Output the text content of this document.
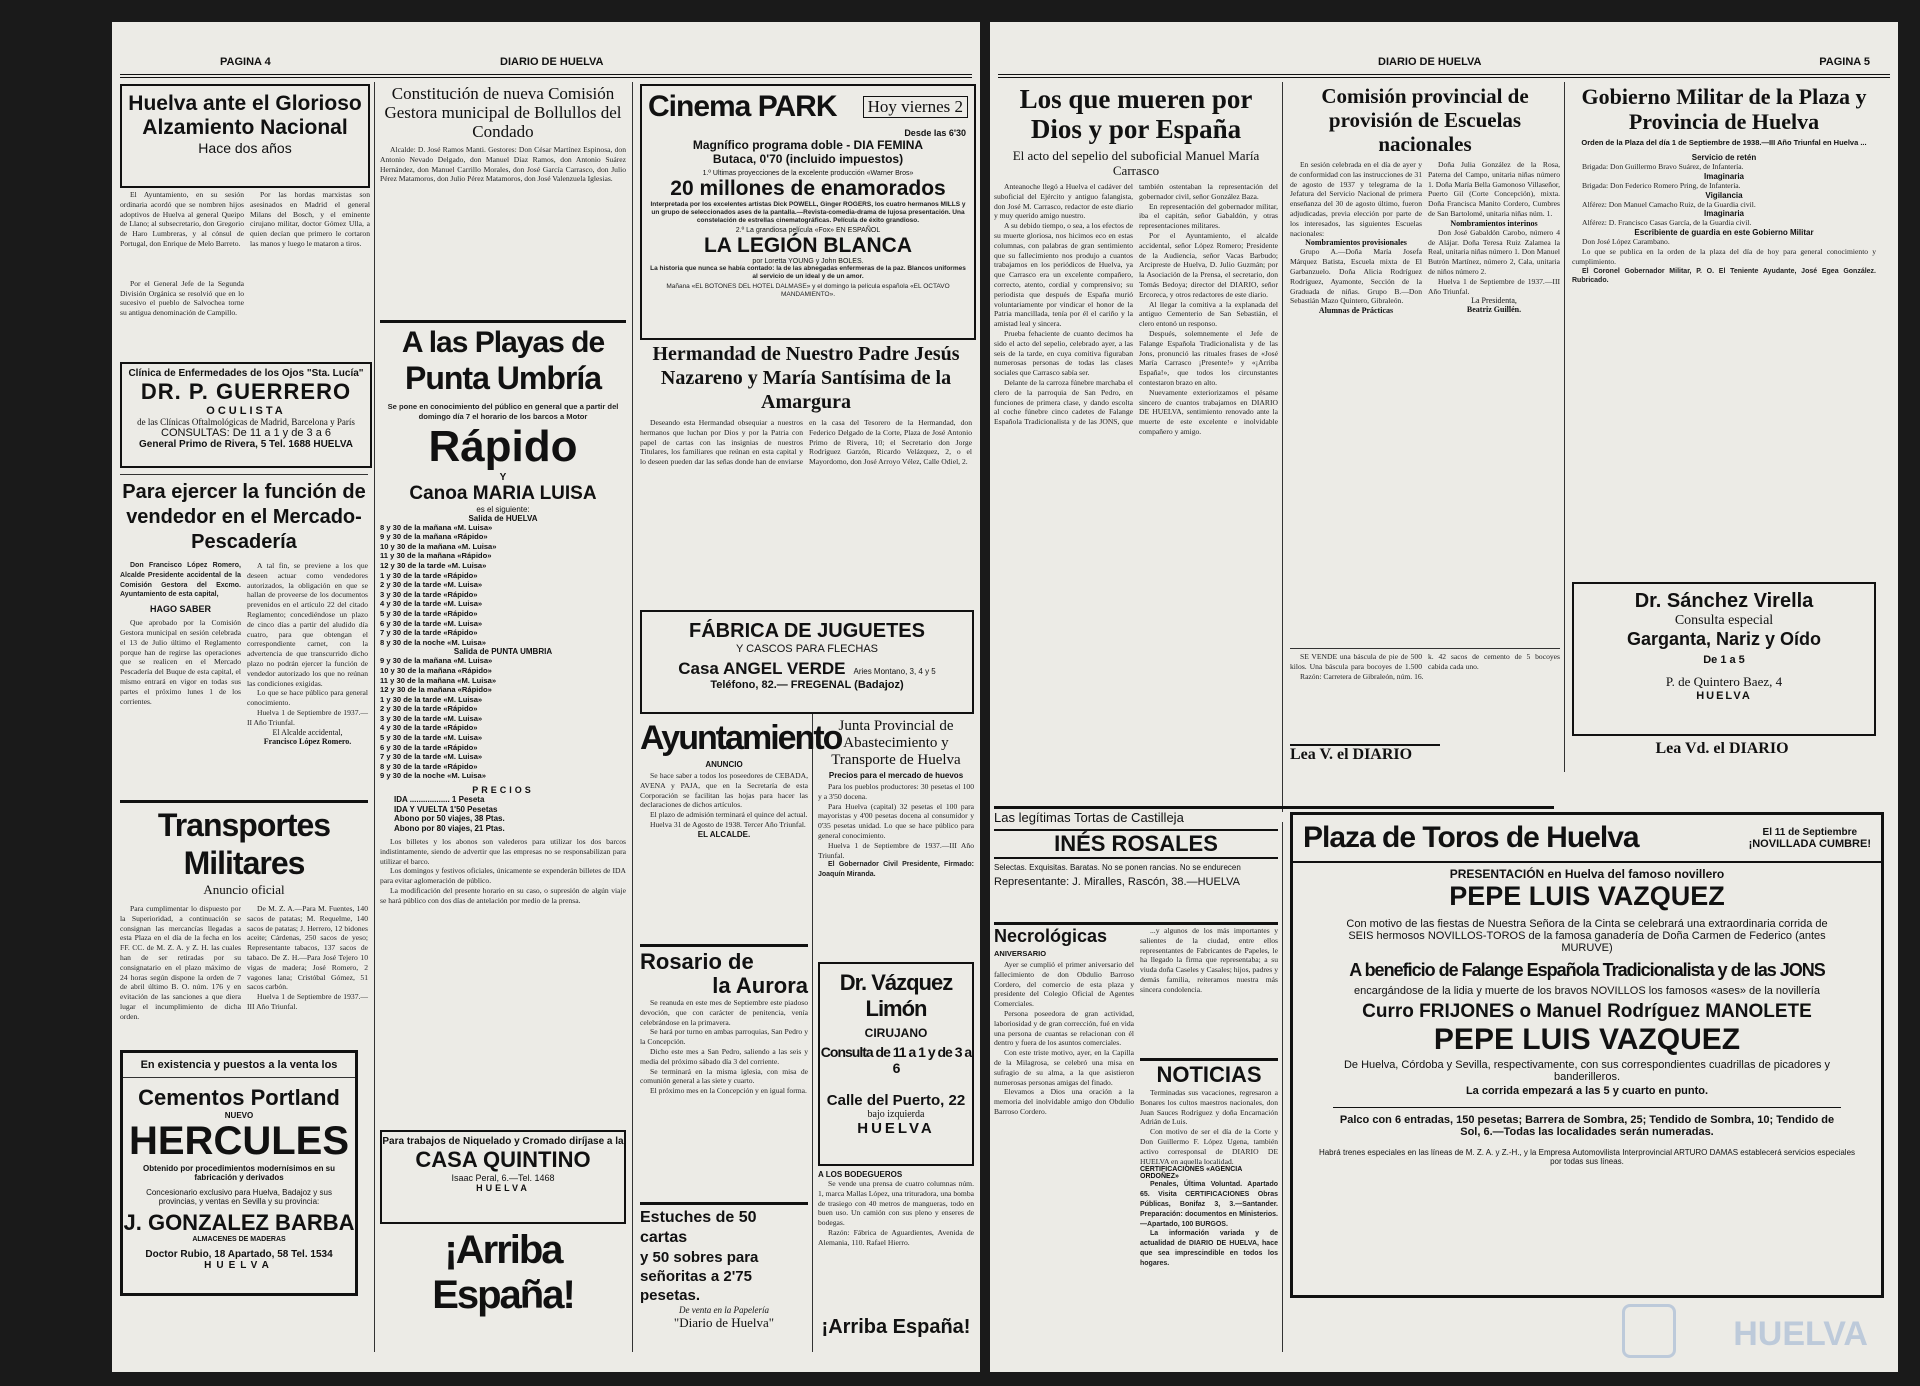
PAGINA 4	DIARIO DE HUELVA
Huelva ante el Glorioso Alzamiento Nacional
Hace dos años

El Ayuntamiento, en su sesión ordinaria acordó que se nombren hijos adoptivos de Huelva al general Queipo de Llano; al subsecretario, don Gregorio de Haro Lumbreras, y al cónsul de Portugal, don Enrique de Melo Barreto.

Por el General Jefe de la Segunda División Orgánica se resolvió que en lo sucesivo el pueblo de Salvochea torne su antigua denominación de Campillo.

Por las hordas marxistas son asesinados en Madrid el general Milans del Bosch, y el eminente cirujano militar, doctor Gómez Ulla, a quien decían que primero le cortaron las manos y luego le mataron a tiros.

Clínica de Enfermedades de los Ojos "Sta. Lucía"
DR. P. GUERRERO
OCULISTA
de las Clínicas Oftalmológicas de Madrid, Barcelona y París
CONSULTAS: De 11 a 1 y de 3 a 6
General Primo de Rivera, 5 Tel. 1688 HUELVA
Para ejercer la función de vendedor en el Mercado-Pescadería

Don Francisco López Romero, Alcalde Presidente accidental de la Comisión Gestora del Excmo. Ayuntamiento de esta capital,

HAGO SABER

Que aprobado por la Comisión Gestora municipal en sesión celebrada el 13 de Julio último el Reglamento porque han de regirse las operaciones que se realicen en el Mercado Pescadería del Buque de esta capital, el mismo entrará en vigor en todas sus partes el próximo lunes 1 de los corrientes.

A tal fin, se previene a los que deseen actuar como vendedores autorizados, la obligación en que se hallan de proveerse de los documentos prevenidos en el artículo 22 del citado Reglamento; concediéndose un plazo de cinco días a partir del aludido día cuatro, para que obtengan el correspondiente carnet, con la advertencia de que transcurrido dicho plazo no podrán ejercer la función de vendedor autorizado los que no reúnan las condiciones exigidas.

Lo que se hace público para general conocimiento.

Huelva 1 de Septiembre de 1937.—II Año Triunfal.

El Alcalde accidental,
Francisco López Romero.
Transportes Militares
Anuncio oficial

Para cumplimentar lo dispuesto por la Superioridad, a continuación se consignan las mercancías llegadas a esta Plaza en el día de la fecha en los FF. CC. de M. Z. A. y Z. H. las cuales han de ser retiradas por su consignatario en el plazo máximo de 24 horas según dispone la orden de 7 de abril último B. O. núm. 176 y en evitación de las sanciones a que diera lugar el incumplimiento de dicha orden.

De M. Z. A.—Para M. Fuentes, 140 sacos de patatas; M. Requelme, 140 sacos de patatas; J. Herrero, 12 bidones aceite; Cárdenas, 250 sacos de yeso; Representante tabacos, 137 sacos de tabaco. De Z. H.—Para José Tejero 10 vigas de madera; José Romero, 2 vagones lana; Cristóbal Gómez, 51 sacos carbón.

Huelva 1 de Septiembre de 1937.—III Año Triunfal.

En existencia y puestos a la venta los
Cementos Portland
NUEVO
HERCULES
Obtenido por procedimientos modernísimos en su fabricación y derivados
Concesionario exclusivo para Huelva, Badajoz y sus provincias, y ventas en Sevilla y su provincia:
J. GONZALEZ BARBA
ALMACENES DE MADERAS
Doctor Rubio, 18 Apartado, 58 Tel. 1534
HUELVA
Constitución de nueva Comisión Gestora municipal de Bollullos del Condado

Alcalde: D. José Ramos Manti. Gestores: Don César Martínez Espinosa, don Antonio Nevado Delgado, don Manuel Díaz Ramos, don Antonio Suárez Hernández, don Manuel Carrillo Morales, don José García Carrasco, don Julio Pérez Matamoros, don Julio Pérez Matamoros, don José Valenzuela Iglesias.

A las Playas de
Punta Umbría

Se pone en conocimiento del público en general que a partir del domingo día 7 el horario de los barcos a Motor

Rápido
Y
Canoa MARIA LUISA
es el siguiente:
Salida de HUELVA
8 y 30 de la mañana «M. Luisa»
9 y 30 de la mañana «Rápido»
10 y 30 de la mañana «M. Luisa»
11 y 30 de la mañana «Rápido»
12 y 30 de la tarde «M. Luisa»
1 y 30 de la tarde «Rápido»
2 y 30 de la tarde «M. Luisa»
3 y 30 de la tarde «Rápido»
4 y 30 de la tarde «M. Luisa»
5 y 30 de la tarde «Rápido»
6 y 30 de la tarde «M. Luisa»
7 y 30 de la tarde «Rápido»
8 y 30 de la noche «M. Luisa»
Salida de PUNTA UMBRIA
9 y 30 de la mañana «M. Luisa»
10 y 30 de la mañana «Rápido»
11 y 30 de la mañana «M. Luisa»
12 y 30 de la mañana «Rápido»
1 y 30 de la tarde «M. Luisa»
2 y 30 de la tarde «Rápido»
3 y 30 de la tarde «M. Luisa»
4 y 30 de la tarde «Rápido»
5 y 30 de la tarde «M. Luisa»
6 y 30 de la tarde «Rápido»
7 y 30 de la tarde «M. Luisa»
8 y 30 de la tarde «Rápido»
9 y 30 de la noche «M. Luisa»
PRECIOS
IDA .................. 1 Peseta
IDA Y VUELTA 1'50 Pesetas
Abono por 50 viajes, 38 Ptas.
Abono por 80 viajes, 21 Ptas.

Los billetes y los abonos son valederos para utilizar los dos barcos indistintamente, siendo de advertir que las empresas no se responsabilizan para utilizar el barco.

Los domingos y festivos oficiales, únicamente se expenderán billetes de IDA para evitar aglomeración de público.

La modificación del presente horario en su caso, o supresión de algún viaje se hará público con dos días de antelación por medio de la prensa.

Para trabajos de Niquelado y Cromado diríjase a la
CASA QUINTINO
Isaac Peral, 6.—Tel. 1468
HUELVA
¡Arriba España!
Cinema PARK Hoy viernes 2
Desde las 6'30
Magnífico programa doble - DIA FEMINA
Butaca, 0'70 (incluido impuestos)
1.º Ultimas proyecciones de la excelente producción «Warner Bros»
20 millones de enamorados

Interpretada por los excelentes artistas Dick POWELL, Ginger ROGERS, los cuatro hermanos MILLS y un grupo de seleccionados ases de la pantalla.—Revista-comedia-drama de lujosa presentación. Una constelación de estrellas cinematográficas. Película de éxito grandioso.

2.º La grandiosa película «Fox» EN ESPAÑOL
LA LEGIÓN BLANCA
por Loretta YOUNG y John BOLES.

La historia que nunca se había contado: la de las abnegadas enfermeras de la paz. Blancos uniformes al servicio de un ideal y de un amor.

Mañana «EL BOTONES DEL HOTEL DALMASE» y el domingo la película española «EL OCTAVO MANDAMIENTO».

Hermandad de Nuestro Padre Jesús Nazareno y María Santísima de la Amargura

Deseando esta Hermandad obsequiar a nuestros hermanos que luchan por Dios y por la Patria con papel de cartas con las insignias de nuestros Titulares, los familiares que reúnan en esta capital y lo deseen pueden dar las señas donde han de enviarse en la casa del Tesorero de la Hermandad, don Federico Delgado de la Corte, Plaza de José Antonio Primo de Rivera, 10; el Secretario don Jorge Rodríguez Garzón, Ricardo Velázquez, 2, o el Mayordomo, don José Arroyo Vélez, Calle Odiel, 2.

FÁBRICA DE JUGUETES
Y CASCOS PARA FLECHAS
Casa ANGEL VERDE Aries Montano, 3, 4 y 5
Teléfono, 82.— FREGENAL (Badajoz)
Ayuntamiento
ANUNCIO

Se hace saber a todos los poseedores de CEBADA, AVENA y PAJA, que en la Secretaría de esta Corporación se facilitan las hojas para hacer las declaraciones de dichos artículos.

El plazo de admisión terminará el quince del actual.

Huelva 31 de Agosto de 1938. Tercer Año Triunfal.

EL ALCALDE.
Junta Provincial de Abastecimiento y Transporte de Huelva
Precios para el mercado de huevos

Para los pueblos productores: 30 pesetas el 100 y a 3'50 docena.

Para Huelva (capital) 32 pesetas el 100 para mayoristas y 4'00 pesetas docena al consumidor y 0'35 pesetas unidad. Lo que se hace público para general conocimiento.

Huelva 1 de Septiembre de 1937.—III Año Triunfal.

El Gobernador Civil Presidente, Firmado: Joaquín Miranda.

Rosario de
la Aurora

Se reanuda en este mes de Septiembre este piadoso devoción, que con carácter de penitencia, venía celebrándose en la primavera.

Se hará por turno en ambas parroquias, San Pedro y la Concepción.

Dicho este mes a San Pedro, saliendo a las seis y media del próximo sábado día 3 del corriente.

Se terminará en la misma iglesia, con misa de comunión general a las siete y cuarto.

El próximo mes en la Concepción y en igual forma.

Estuches de 50 cartas
y 50 sobres para señoritas a 2'75 pesetas.
De venta en la Papelería
"Diario de Huelva"
Dr. Vázquez Limón
CIRUJANO
Consulta de 11 a 1 y de 3 a 6
Calle del Puerto, 22
bajo izquierda
HUELVA
A LOS BODEGUEROS

Se vende una prensa de cuatro columnas núm. 1, marca Mallas López, una trituradora, una bomba de trasiego con 40 metros de mangueras, todo en buen uso. Un camión con sus pleno y enseres de bodegas.

Razón: Fábrica de Aguardientes, Avenida de Alemania, 110. Rafael Hierro.

¡Arriba España!
DIARIO DE HUELVA	PAGINA 5
Los que mueren por Dios y por España
El acto del sepelio del suboficial Manuel María Carrasco

Anteanoche llegó a Huelva el cadáver del suboficial del Ejército y antiguo falangista, don José M. Carrasco, redactor de este diario y muy querido amigo nuestro.

A su debido tiempo, o sea, a los efectos de su muerte gloriosa, nos hicimos eco en estas columnas, con palabras de gran sentimiento que su fallecimiento nos produjo a cuantos trabajamos en los periódicos de Huelva, ya que Carrasco era un excelente compañero, correcto, atento, cordial y comprensivo; su periodista que después de España murió voluntariamente por vindicar el honor de la Patria mancillada, tenía por él el cariño y la amistad leal y sincera.

Prueba fehaciente de cuanto decimos ha sido el acto del sepelio, celebrado ayer, a las seis de la tarde, en cuya comitiva figuraban numerosas personas de todas las clases sociales que Carrasco sabía ser.

Delante de la carroza fúnebre marchaba el clero de la parroquia de San Pedro, en funciones de primera clase, y dando escolta al coche fúnebre cinco cadetes de Falange Española Tradicionalista y de las JONS, que también ostentaban la representación del gobernador civil, señor González Baza.

En representación del gobernador militar, iba el capitán, señor Gabaldón, y otras representaciones militares.

Por el Ayuntamiento, el alcalde accidental, señor López Romero; Presidente de la Audiencia, señor Vacas Barbudo; Arcipreste de Huelva, D. Julio Guzmán; por la Asociación de la Prensa, el secretario, don Tomás Bedoya; director del DIARIO, señor Ercoreca, y otros redactores de este diario.

Al llegar la comitiva a la explanada del antiguo Cementerio de San Sebastián, el clero entonó un responso.

Después, solemnemente el Jefe de Falange Española Tradicionalista y de las Jons, pronunció las rituales frases de «José María Carrasco ¡Presente!» y «¡Arriba España!», que todos los circunstantes contestaron brazo en alto.

Nuevamente exteriorizamos el pésame sincero de cuantos trabajamos en DIARIO DE HUELVA, sentimiento renovado ante la muerte de este excelente e inolvidable compañero y amigo.

Comisión provincial de provisión de Escuelas nacionales

En sesión celebrada en el día de ayer y de conformidad con las instrucciones de 31 de agosto de 1937 y telegrama de la Jefatura del Servicio Nacional de primera enseñanza del 30 de agosto último, fueron adjudicadas, previa elección por parte de los interesados, las siguientes Escuelas nacionales:

Nombramientos provisionales

Grupo A.—Doña María Josefa Márquez Batista, Escuela mixta de El Garbanzuelo. Doña Alicia Rodríguez Rodríguez, Ayamonte, Sección de la Graduada de niñas. Grupo B.—Don Sebastián Mazo Quintero, Gibraleón.

Alumnas de Prácticas

Doña Julia González de la Rosa, Paterna del Campo, unitaria niñas número 1. Doña María Bella Gamonoso Villaseñor, Puerto Gil (Corte Concepción), mixta. Doña Francisca Manito Cordero, Cumbres de San Bartolomé, unitaria niñas núm. 1.

Nombramientos interinos

Don José Gabaldón Carobo, número 4 de Alájar. Doña Teresa Ruiz Zalamea la Real, unitaria niñas número 1. Don Manuel Butrón Martínez, número 2, Cala, unitaria de niños número 2.

Huelva 1 de Septiembre de 1937.—III Año Triunfal.

La Presidenta,
Beatriz Guillén.

SE VENDE una báscula de pie de 500 kilos. Una báscula para bocoyes de 1.500 k. 42 sacos de cemento de 5 bocoyes cabida cada uno.

Razón: Carretera de Gibraleón, núm. 16.

Lea V. el DIARIO
Gobierno Militar de la Plaza y Provincia de Huelva
Orden de la Plaza del día 1 de Septiembre de 1938.—III Año Triunfal en Huelva ...
Servicio de retén

Brigada: Don Guillermo Bravo Suárez, de Infantería.

Imaginaria

Brigada: Don Federico Romero Pring, de Infantería.

Vigilancia

Alférez: Don Manuel Camacho Ruiz, de la Guardia civil.

Imaginaria

Alférez: D. Francisco Casas García, de la Guardia civil.

Escribiente de guardia en este Gobierno Militar

Don José López Carambano.

Lo que se publica en la orden de la plaza del día de hoy para general conocimiento y cumplimiento.

El Coronel Gobernador Militar, P. O. El Teniente Ayudante, José Egea González. Rubricado.

Dr. Sánchez Virella
Consulta especial
Garganta, Nariz y Oído
De 1 a 5
P. de Quintero Baez, 4
HUELVA
Lea Vd. el DIARIO
Las legítimas Tortas de Castilleja
INÉS ROSALES
Selectas. Exquisitas. Baratas. No se ponen rancias. No se endurecen
Representante: J. Miralles, Rascón, 38.—HUELVA
Necrológicas
ANIVERSARIO

Ayer se cumplió el primer aniversario del fallecimiento de don Obdulio Barroso Cordero, del comercio de esta plaza y presidente del Colegio Oficial de Agentes Comerciales.

Persona poseedora de gran actividad, laboriosidad y de gran corrección, fué en vida una persona de cuantas se relacionan con él dentro y fuera de los asuntos comerciales.

Con este triste motivo, ayer, en la Capilla de la Milagrosa, se celebró una misa en sufragio de su alma, a la que asistieron numerosas personas amigas del finado.

Elevamos a Dios una oración a la memoria del inolvidable amigo don Obdulio Barroso Cordero.

...y algunos de los más importantes y salientes de la ciudad, entre ellos representantes de Fabricantes de Papeles, le ha llegado la firma que representaba; a su viuda doña Caseles y Casales; hijos, padres y demás familia, reiteramos nuestra más sincera condolencia.

NOTICIAS

Terminadas sus vacaciones, regresaron a Bonares los cultos maestros nacionales, don Juan Sauces Rodríguez y doña Encarnación Adrián de Luis.

Con motivo de ser el día de la Corte y Don Guillermo F. López Ugena, también activo corresponsal de DIARIO DE HUELVA en aquella localidad.

CERTIFICACIONES «AGENCIA ORDOÑEZ»

Penales, Última Voluntad. Apartado 65. Visita CERTIFICACIONES Obras Públicas, Bonifaz 3, 3.—Santander. Preparación: documentos en Ministerios.—Apartado, 100 BURGOS.

La información variada y de actualidad de DIARIO DE HUELVA, hace que sea imprescindible en todos los hogares.

Plaza de Toros de Huelva	El 11 de Septiembre
¡NOVILLADA CUMBRE!
PRESENTACIÓN en Huelva del famoso novillero
PEPE LUIS VAZQUEZ

Con motivo de las fiestas de Nuestra Señora de la Cinta se celebrará una extraordinaria corrida de SEIS hermosos NOVILLOS-TOROS de la famosa ganadería de Doña Carmen de Federico (antes MURUVE)

A beneficio de Falange Española Tradicionalista y de las JONS

encargándose de la lidia y muerte de los bravos NOVILLOS los famosos «ases» de la novillería

Curro FRIJONES o Manuel Rodríguez MANOLETE
PEPE LUIS VAZQUEZ

De Huelva, Córdoba y Sevilla, respectivamente, con sus correspondientes cuadrillas de picadores y banderilleros.

La corrida empezará a las 5 y cuarto en punto.

Palco con 6 entradas, 150 pesetas; Barrera de Sombra, 25; Tendido de Sombra, 10; Tendido de Sol, 6.—Todas las localidades serán numeradas.

Habrá trenes especiales en las líneas de M. Z. A. y Z.-H., y la Empresa Automovilista Interprovincial ARTURO DAMAS establecerá servicios especiales por todas sus líneas.

HUELVA
